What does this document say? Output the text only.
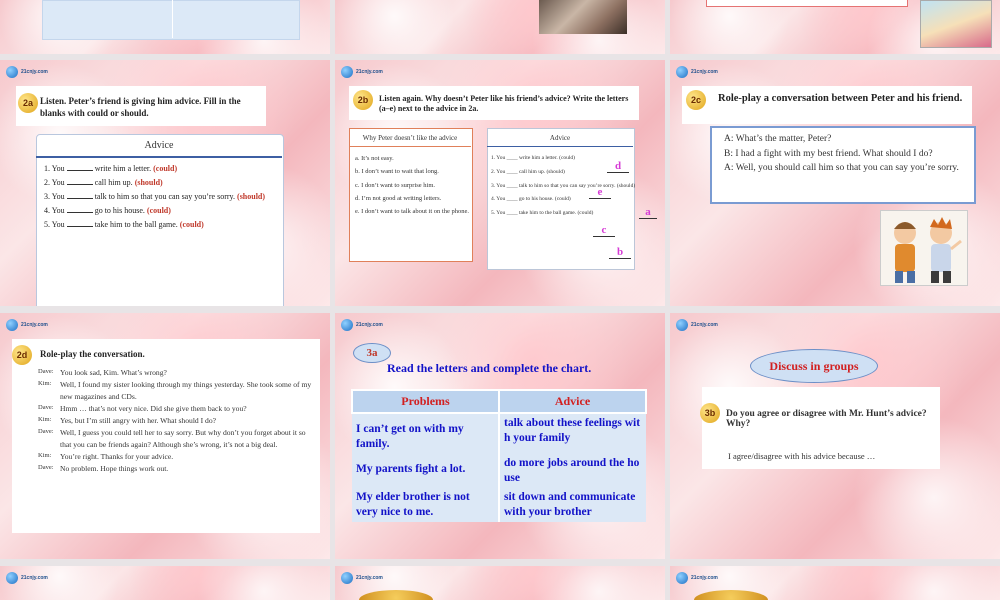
21cnjy.com
2a Listen. Peter’s friend is giving him advice. Fill in the blanks with could or should.
Advice
1. You	write him a letter. (could)
2. You	call him up. (should)
3. You	talk to him so that you can say you’re sorry. (should)
4. You	go to his house. (could)
5. You	take him to the ball game. (could)
21cnjy.com
2b	Listen again. Why doesn’t Peter like his friend’s advice? Write the letters (a–e) next to the advice in 2a.
Why Peter doesn’t like the advice
a. It’s not easy.
b. I don’t want to wait that long.
c. I don’t want to surprise him.
d. I’m not good at writing letters.
e. I don’t want to talk about it on the phone.
Advice
1. You ____ write him a letter. (could)
2. You ____ call him up. (should)
3. You ____ talk to him so that you can say you’re sorry. (should)
4. You ____ go to his house. (could)
5. You ____ take him to the ball game. (could)
d
e
a
c
b
21cnjy.com
2c	Role-play a conversation between Peter and his friend.
A: What’s the matter, Peter?
B: I had a fight with my best friend. What should I do?
A: Well, you should call him so that you can say you’re sorry.
21cnjy.com
2d	Role-play the conversation.
Dave: You look sad, Kim. What’s wrong?
Kim:	Well, I found my sister looking through my things yesterday. She took some of my new magazines and CDs.
Dave: Hmm … that’s not very nice. Did she give them back to you?
Kim:	Yes, but I’m still angry with her. What should I do?
Dave: Well, I guess you could tell her to say sorry. But why don’t you forget about it so that you can be friends again? Although she’s wrong, it’s not a big deal.
Kim:	You’re right. Thanks for your advice.
Dave: No problem. Hope things work out.
21cnjy.com
3a
Read the letters and complete the chart.
Problems	Advice
I can’t get on with my family.	talk about these feelings wit h your family
My parents fight a lot.	do more jobs around the ho use
My elder brother is not very nice to me.	sit down and communicate with your brother
21cnjy.com
Discuss in groups
3b	Do you agree or disagree with Mr. Hunt’s advice? Why?
I agree/disagree with his advice because …
21cnjy.com	21cnjy.com	21cnjy.com
